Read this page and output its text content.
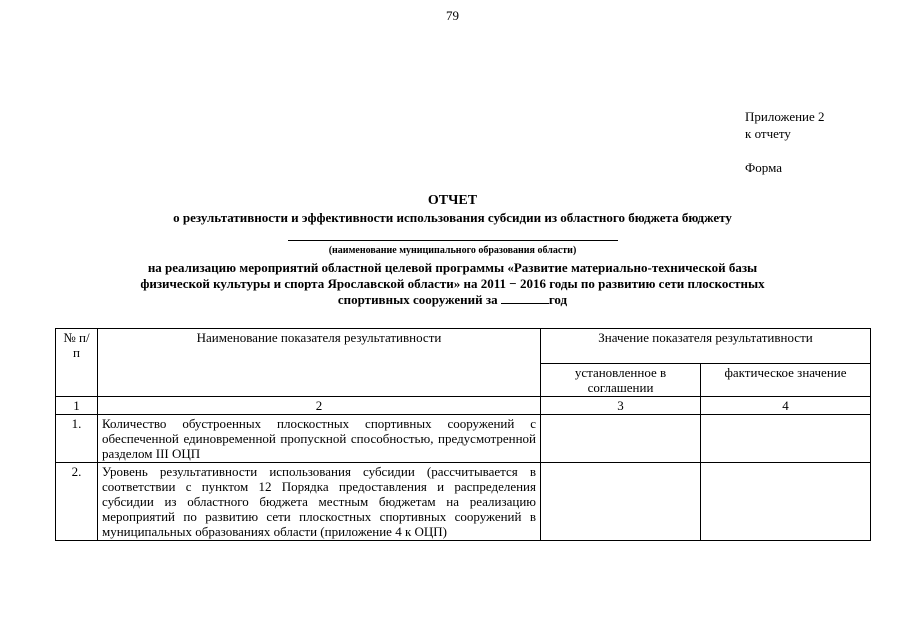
79
Приложение 2
к отчету
Форма
ОТЧЕТ
о результативности и эффективности использования субсидии из областного бюджета бюджету
(наименование муниципального образования области)
на реализацию мероприятий областной целевой программы «Развитие материально-технической базы
физической культуры и спорта Ярославской области» на 2011 − 2016 годы по развитию сети плоскостных
спортивных сооружений за	год
№ п/п	Наименование показателя результативности	Значение показателя результативности	
		установленное в соглашении	фактическое значение
1	2	3	4
1.	Количество обустроенных плоскостных спортивных сооружений с обеспеченной единовременной пропускной способностью, предусмотренной разделом III ОЦП		
2.	Уровень результативности использования субсидии (рассчитывается в соответствии с пунктом 12 Порядка предоставления и распределения субсидии из областного бюджета местным бюджетам на реализацию мероприятий по развитию сети плоскостных спортивных сооружений в муниципальных образованиях области (приложение 4 к ОЦП)		
